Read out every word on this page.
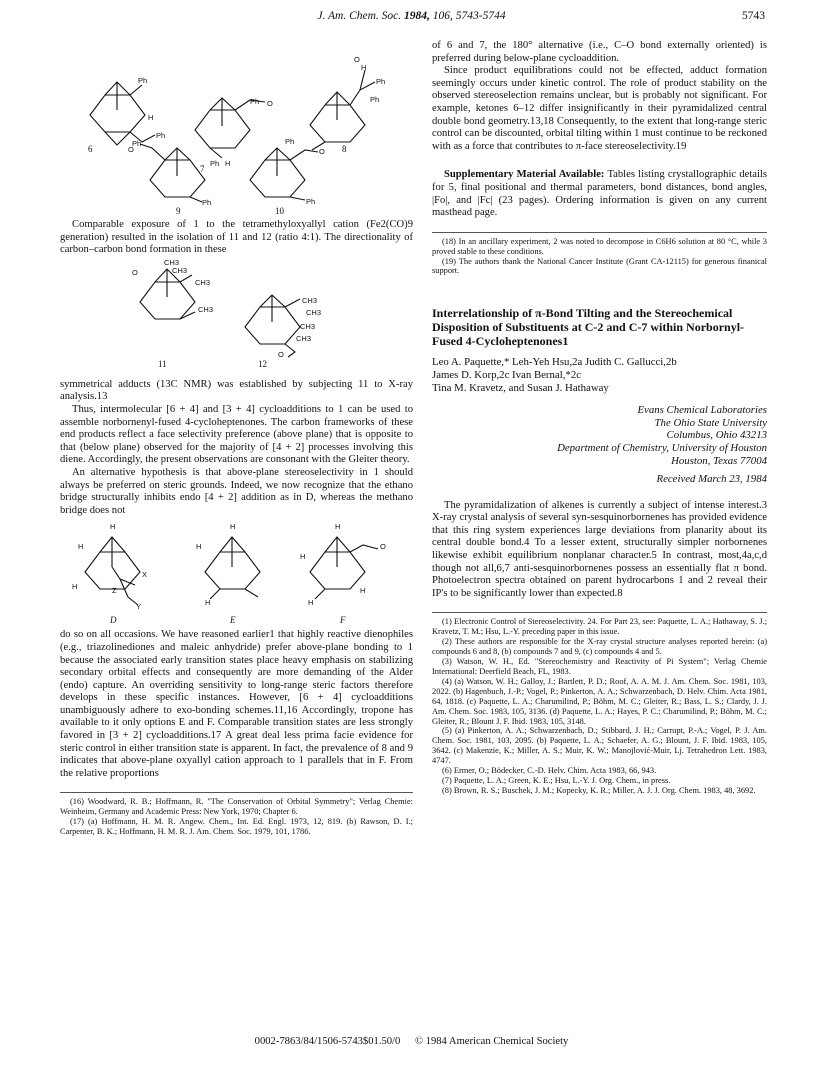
J. Am. Chem. Soc. 1984, 106, 5743-5744	5743
Ph
H
Ph
Ph O
Ph H
H
Ph
O
Ph
Ph
O
Ph
O
Ph
Ph
6
7
8
9	10

Comparable exposure of 1 to the tetramethyloxyallyl cation (Fe2(CO)9 generation) resulted in the isolation of 11 and 12 (ratio 4:1). The directionality of carbon–carbon bond formation in these

CH3
CH3
O
CH3
CH3
CH3
CH3
CH3
CH3
O
11	12

symmetrical adducts (13C NMR) was established by subjecting 11 to X-ray analysis.13

Thus, intermolecular [6 + 4] and [3 + 4] cycloadditions to 1 can be used to assemble norbornenyl-fused 4-cycloheptenones. The carbon frameworks of these end products reflect a face selectivity preference (above plane) that is opposite to that (below plane) observed for the majority of [4 + 2] processes involving this diene. Accordingly, the present observations are consonant with the Gleiter theory.

An alternative hypothesis is that above-plane stereoselectivity in 1 should always be preferred on steric grounds. Indeed, we now recognize that the ethano bridge structurally inhibits endo [4 + 2] addition as in D, whereas the methano bridge does not

H
H
X
Z
Y
H
H
H
H
H
O
H
H
H
D	E	F

do so on all occasions. We have reasoned earlier1 that highly reactive dienophiles (e.g., triazolinediones and maleic anhydride) prefer above-plane bonding to 1 because the associated early transition states place heavy emphasis on stabilizing secondary orbital effects and consequently are more demanding of the Alder (endo) capture. An overriding sensitivity to long-range steric factors therefore develops in these specific instances. However, [6 + 4] cycloadditions unambiguously adhere to exo-bonding schemes.11,16 Accordingly, tropone has available to it only options E and F. Comparable transition states are less strongly favored in [3 + 2] cycloadditions.17 A great deal less prima facie evidence for steric control in either transition state is apparent. In fact, the prevalence of 8 and 9 indicates that above-plane oxyallyl cation approach to 1 parallels that in F. From the relative proportions

(16) Woodward, R. B.; Hoffmann, R. "The Conservation of Orbital Symmetry"; Verlag Chemie: Weinheim, Germany and Academic Press: New York, 1970; Chapter 6.

(17) (a) Hoffmann, H. M. R. Angew. Chem., Int. Ed. Engl. 1973, 12, 819. (b) Rawson, D. I.; Carpenter, B. K.; Hoffmann, H. M. R. J. Am. Chem. Soc. 1979, 101, 1786.

of 6 and 7, the 180° alternative (i.e., C–O bond externally oriented) is preferred during below-plane cycloaddition.

Since product equilibrations could not be effected, adduct formation seemingly occurs under kinetic control. The role of product stability on the observed stereoselection remains unclear, but is probably not significant. For example, ketones 6–12 differ insignificantly in their pyramidalized central double bond geometry.13,18 Consequently, to the extent that long-range steric control can be discounted, orbital tilting within 1 must continue to be reckoned with as a force that contributes to π-face stereoselectivity.19

Supplementary Material Available: Tables listing crystallographic details for 5, final positional and thermal parameters, bond distances, bond angles, |Fo|, and |Fc| (23 pages). Ordering information is given on any current masthead page.

(18) In an ancillary experiment, 2 was noted to decompose in C6H6 solution at 80 °C, while 3 proved stable to these conditions.

(19) The authors thank the National Cancer Institute (Grant CA-12115) for generous finanical support.

Interrelationship of π-Bond Tilting and the Stereochemical Disposition of Substituents at C-2 and C-7 within Norbornyl-Fused 4-Cycloheptenones1
Leo A. Paquette,* Leh-Yeh Hsu,2a Judith C. Gallucci,2b
James D. Korp,2c Ivan Bernal,*2c
Tina M. Kravetz, and Susan J. Hathaway
Evans Chemical Laboratories
The Ohio State University
Columbus, Ohio 43213
Department of Chemistry, University of Houston
Houston, Texas 77004
Received March 23, 1984

The pyramidalization of alkenes is currently a subject of intense interest.3 X-ray crystal analysis of several syn-sesquinorbornenes has provided evidence that this ring system experiences large deviations from planarity about its central double bond.4 To a lesser extent, structurally simpler norbornenes likewise exhibit equilibrium nonplanar character.5 In contrast, most,4a,c,d though not all,6,7 anti-sesquinorbornenes possess an essentially flat π bond. Photoelectron spectra obtained on parent hydrocarbons 1 and 2 reveal their IP's to be significantly lower than expected.8

(1) Electronic Control of Stereoselectivity. 24. For Part 23, see: Paquette, L. A.; Hathaway, S. J.; Kravetz, T. M.; Hsu, L.-Y. preceding paper in this issue.

(2) These authors are responsible for the X-ray crystal structure analyses reported herein: (a) compounds 6 and 8, (b) compounds 7 and 9, (c) compounds 4 and 5.

(3) Watson, W. H., Ed. "Stereochemistry and Reactivity of Pi System"; Verlag Chemie International: Deerfield Beach, FL, 1983.

(4) (a) Watson, W. H.; Galloy, J.; Bartlett, P. D.; Roof, A. A. M. J. Am. Chem. Soc. 1981, 103, 2022. (b) Hagenbuch, J.-P.; Vogel, P.; Pinkerton, A. A.; Schwarzenbach, D. Helv. Chim. Acta 1981, 64, 1818. (c) Paquette, L. A.; Charumilind, P.; Böhm, M. C.; Gleiter, R.; Bass, L. S.; Clardy, J. J. Am. Chem. Soc. 1983, 105, 3136. (d) Paquette, L. A.; Hayes, P. C.; Charumilind, P.; Böhm, M. C.; Gleiter, R.; Blount J. F. Ibid. 1983, 105, 3148.

(5) (a) Pinkerton, A. A.; Schwarzenbach, D.; Stibbard, J. H.; Carrupt, P.-A.; Vogel, P. J. Am. Chem. Soc. 1981, 103, 2095. (b) Paquette, L. A.; Schaefer, A. G.; Blount, J. F. Ibid. 1983, 105, 3642. (c) Makenzie, K.; Miller, A. S.; Muir, K. W.; Manojlović-Muir, Lj. Tetrahedron Lett. 1983, 4747.

(6) Ermer, O.; Bödecker, C.-D. Helv. Chim. Acta 1983, 66, 943.

(7) Paquette, L. A.; Green, K. E.; Hsu, L.-Y. J. Org. Chem., in press.

(8) Brown, R. S.; Buschek, J. M.; Kopecky, K. R.; Miller, A. J. J. Org. Chem. 1983, 48, 3692.

0002-7863/84/1506-5743$01.50/0 © 1984 American Chemical Society
